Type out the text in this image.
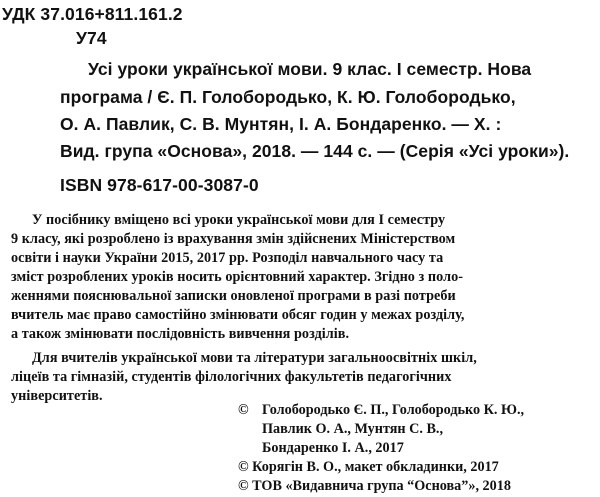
УДК 37.016+811.161.2
У74
Усі уроки української мови. 9 клас. І семестр. Нова
програма / Є. П. Голобородько, К. Ю. Голобородько,
О. А. Павлик, С. В. Мунтян, І. А. Бондаренко. — Х. :
Вид. група «Основа», 2018. — 144 с. — (Серія «Усі уроки»).
ISBN 978-617-00-3087-0
У посібнику вміщено всі уроки української мови для І семестру
9 класу, які розроблено із врахування змін здійснених Міністерством
освіти і науки України 2015, 2017 рр. Розподіл навчального часу та
зміст розроблених уроків носить орієнтовний характер. Згідно з поло-
женнями пояснювальної записки оновленої програми в разі потреби
вчитель має право самостійно змінювати обсяг годин у межах розділу,
а також змінювати послідовність вивчення розділів.
Для вчителів української мови та літератури загальноосвітніх шкіл,
ліцеїв та гімназій, студентів філологічних факультетів педагогічних
університетів.
© Голобородько Є. П., Голобородько К. Ю.,
Павлик О. А., Мунтян С. В.,
Бондаренко І. А., 2017
© Корягін В. О., макет обкладинки, 2017
© ТОВ «Видавнича група “Основа”», 2018
